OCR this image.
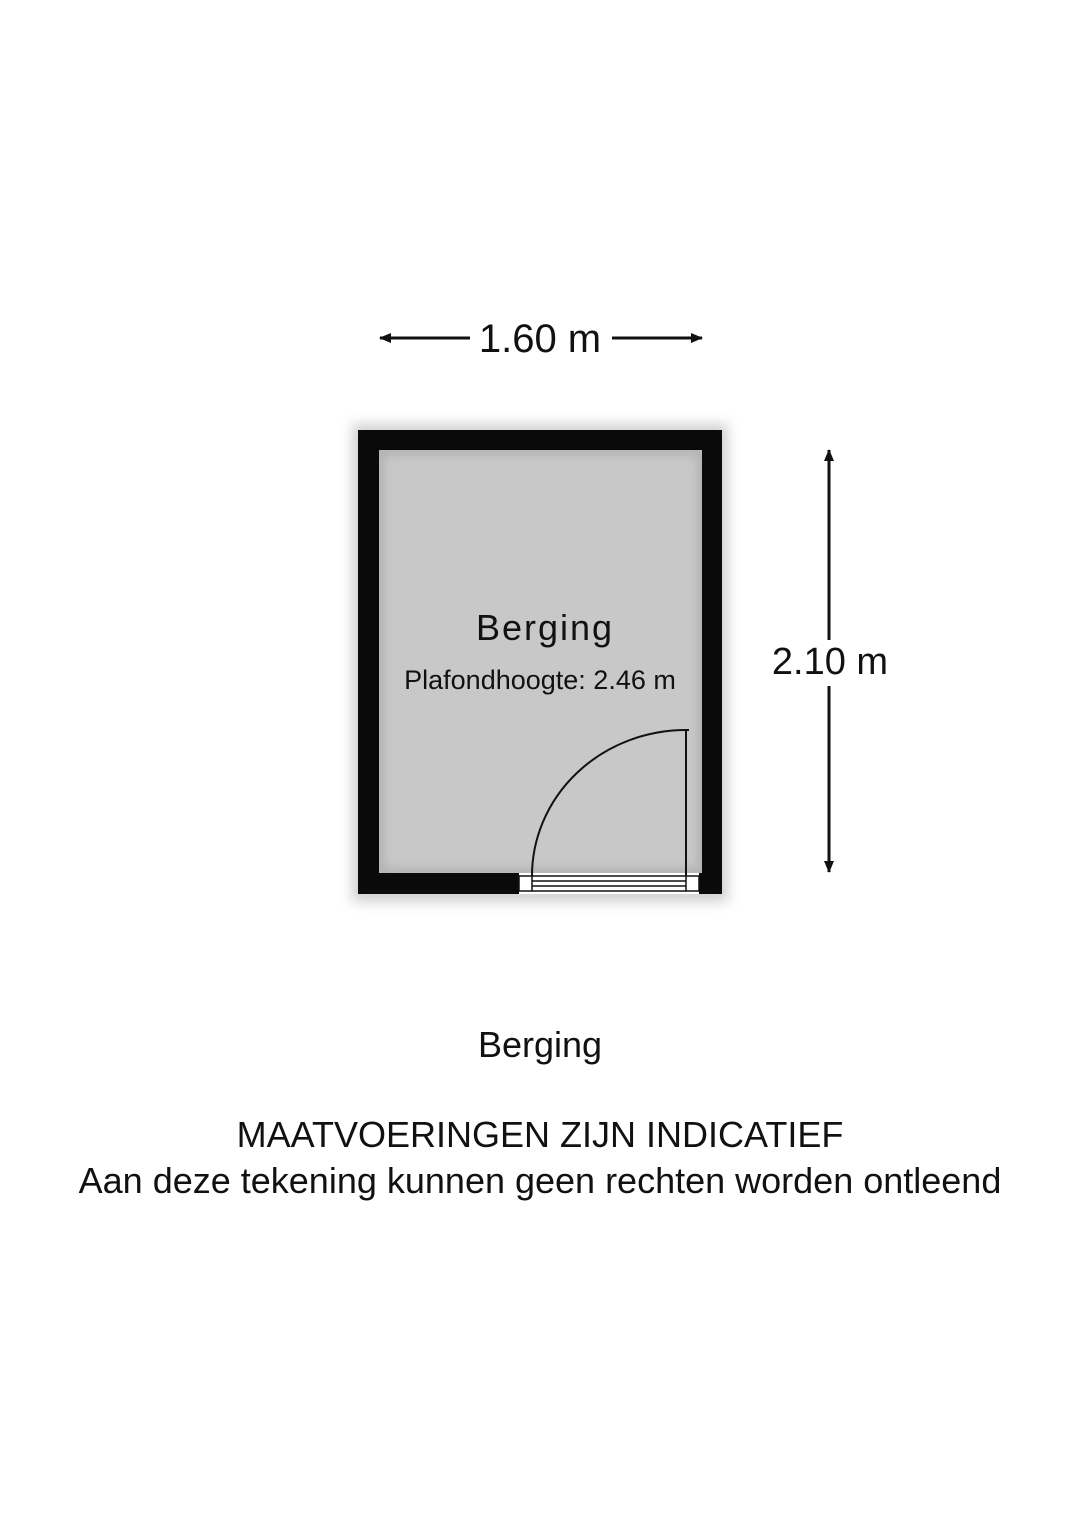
1.60 m
2.10 m
Berging
Plafondhoogte: 2.46 m
Berging
MAATVOERINGEN ZIJN INDICATIEF
Aan deze tekening kunnen geen rechten worden ontleend
